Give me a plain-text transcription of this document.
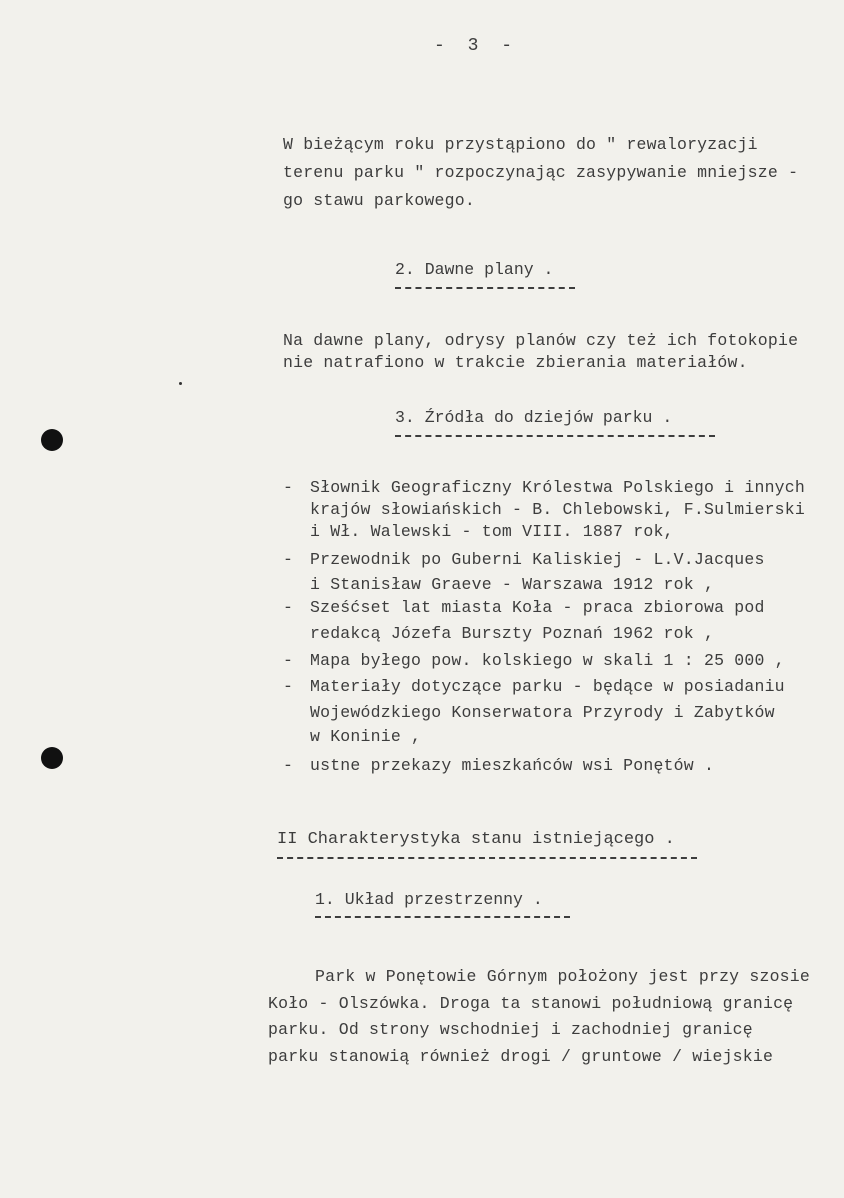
- 3 -
W bieżącym roku przystąpiono do " rewaloryzacji
terenu parku " rozpoczynając zasypywanie mniejsze -
go stawu parkowego.
2. Dawne plany .
Na dawne plany, odrysy planów czy też ich fotokopie
nie natrafiono w trakcie zbierania materiałów.
3. Źródła do dziejów parku .
- Słownik Geograficzny Królestwa Polskiego i innych
krajów słowiańskich - B. Chlebowski, F.Sulmierski
i Wł. Walewski - tom VIII. 1887 rok,
- Przewodnik po Guberni Kaliskiej - L.V.Jacques
i Stanisław Graeve - Warszawa 1912 rok ,
- Sześćset lat miasta Koła - praca zbiorowa pod
redakcą Józefa Burszty Poznań 1962 rok ,
- Mapa byłego pow. kolskiego w skali 1 : 25 000 ,
- Materiały dotyczące parku - będące w posiadaniu
Wojewódzkiego Konserwatora Przyrody i Zabytków
w Koninie ,
- ustne przekazy mieszkańców wsi Ponętów .
II Charakterystyka stanu istniejącego .
1. Układ przestrzenny .
Park w Ponętowie Górnym położony jest przy szosie
Koło - Olszówka. Droga ta stanowi południową granicę
parku. Od strony wschodniej i zachodniej granicę
parku stanowią również drogi / gruntowe / wiejskie
